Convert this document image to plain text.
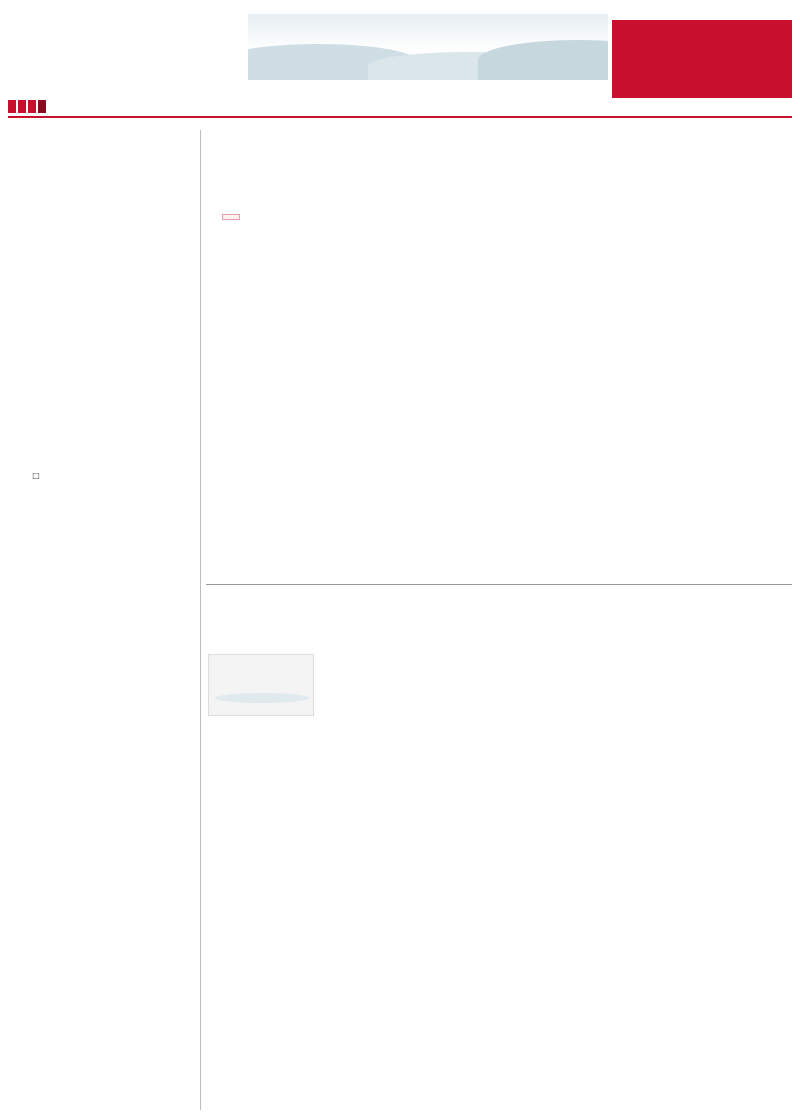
□
